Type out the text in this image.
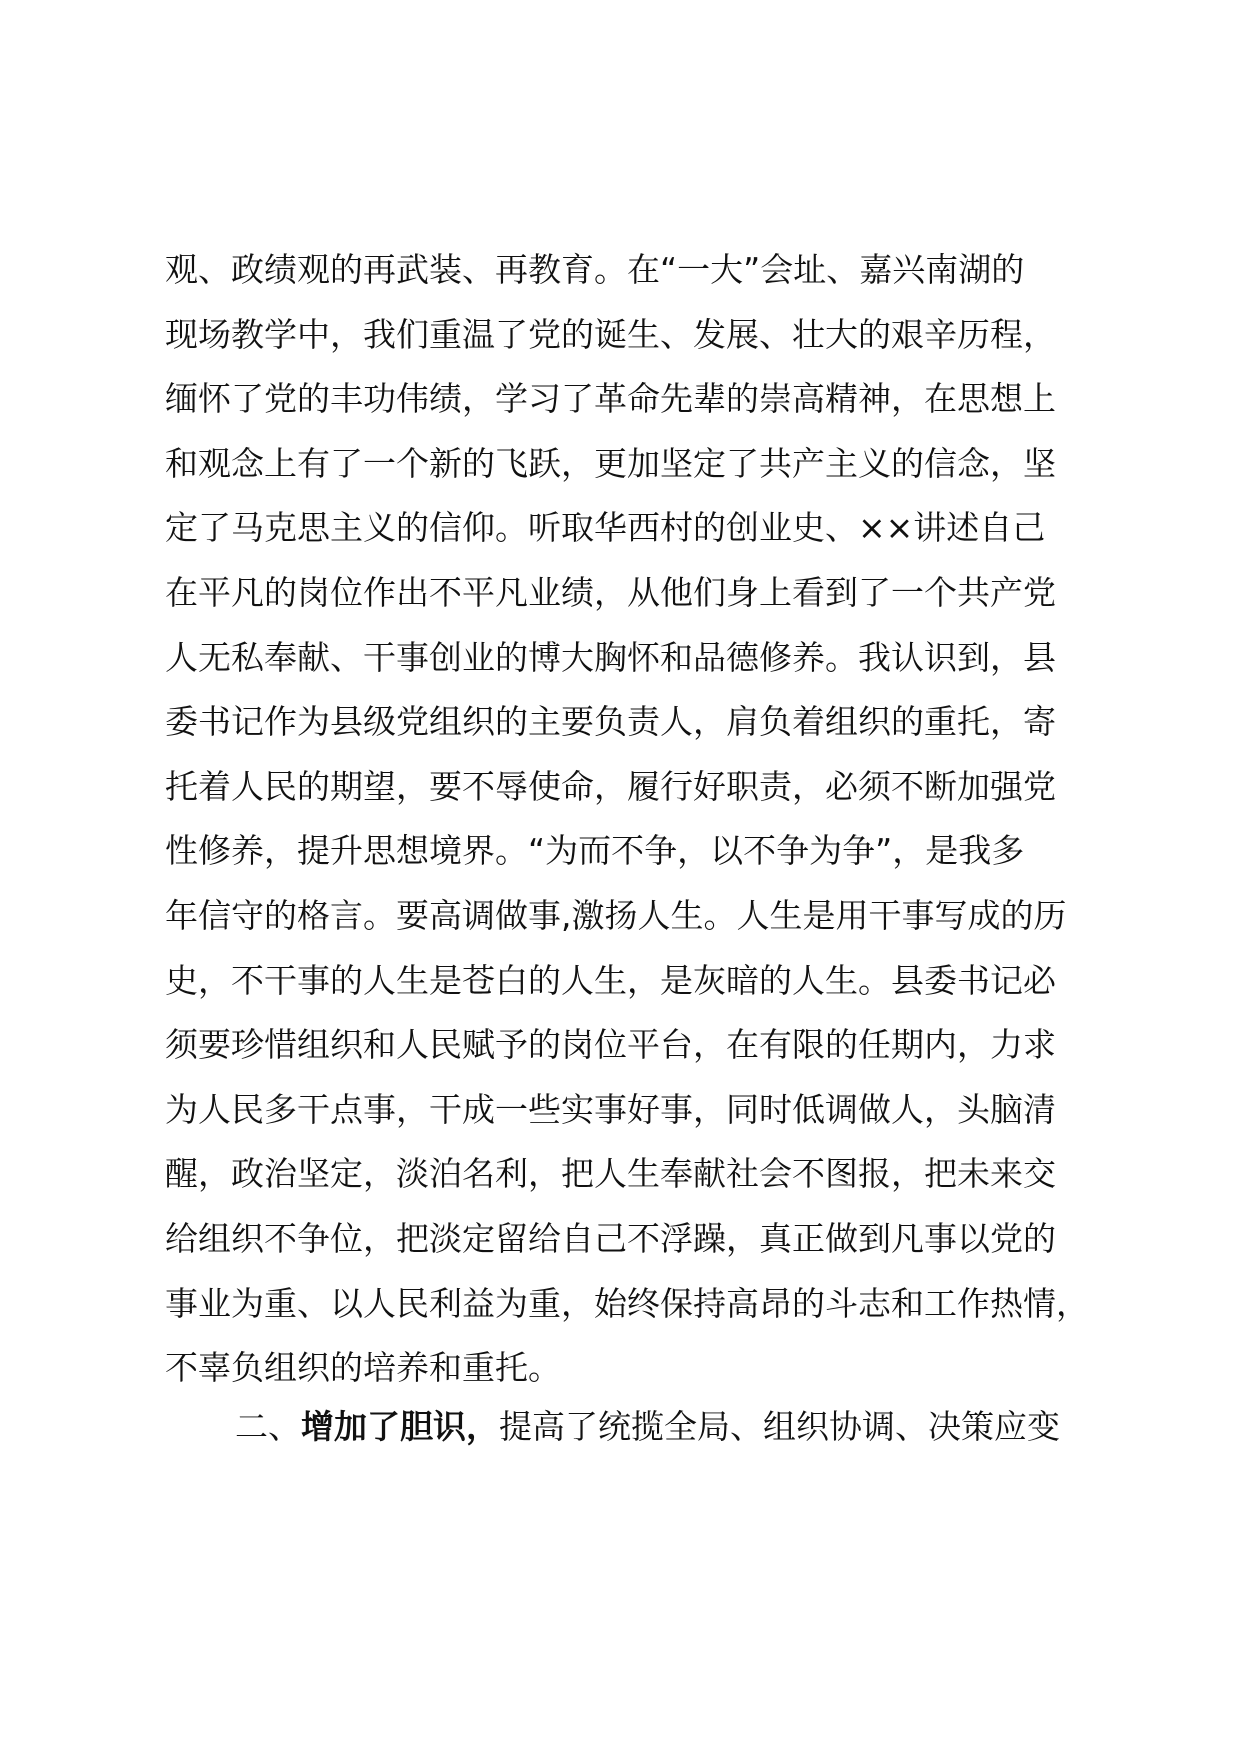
观、政绩观的再武装、再教育。在“一大”会址、嘉兴南湖的

现场教学中，我们重温了党的诞生、发展、壮大的艰辛历程，

缅怀了党的丰功伟绩，学习了革命先辈的崇高精神，在思想上

和观念上有了一个新的飞跃，更加坚定了共产主义的信念，坚

定了马克思主义的信仰。听取华西村的创业史、××讲述自己

在平凡的岗位作出不平凡业绩，从他们身上看到了一个共产党

人无私奉献、干事创业的博大胸怀和品德修养。我认识到，县

委书记作为县级党组织的主要负责人，肩负着组织的重托，寄

托着人民的期望，要不辱使命，履行好职责，必须不断加强党

性修养，提升思想境界。“为而不争，以不争为争”，是我多

年信守的格言。要高调做事,激扬人生。人生是用干事写成的历

史，不干事的人生是苍白的人生，是灰暗的人生。县委书记必

须要珍惜组织和人民赋予的岗位平台，在有限的任期内，力求

为人民多干点事，干成一些实事好事，同时低调做人，头脑清

醒，政治坚定，淡泊名利，把人生奉献社会不图报，把未来交

给组织不争位，把淡定留给自己不浮躁，真正做到凡事以党的

事业为重、以人民利益为重，始终保持高昂的斗志和工作热情，

不辜负组织的培养和重托。

二、增加了胆识，提高了统揽全局、组织协调、决策应变
